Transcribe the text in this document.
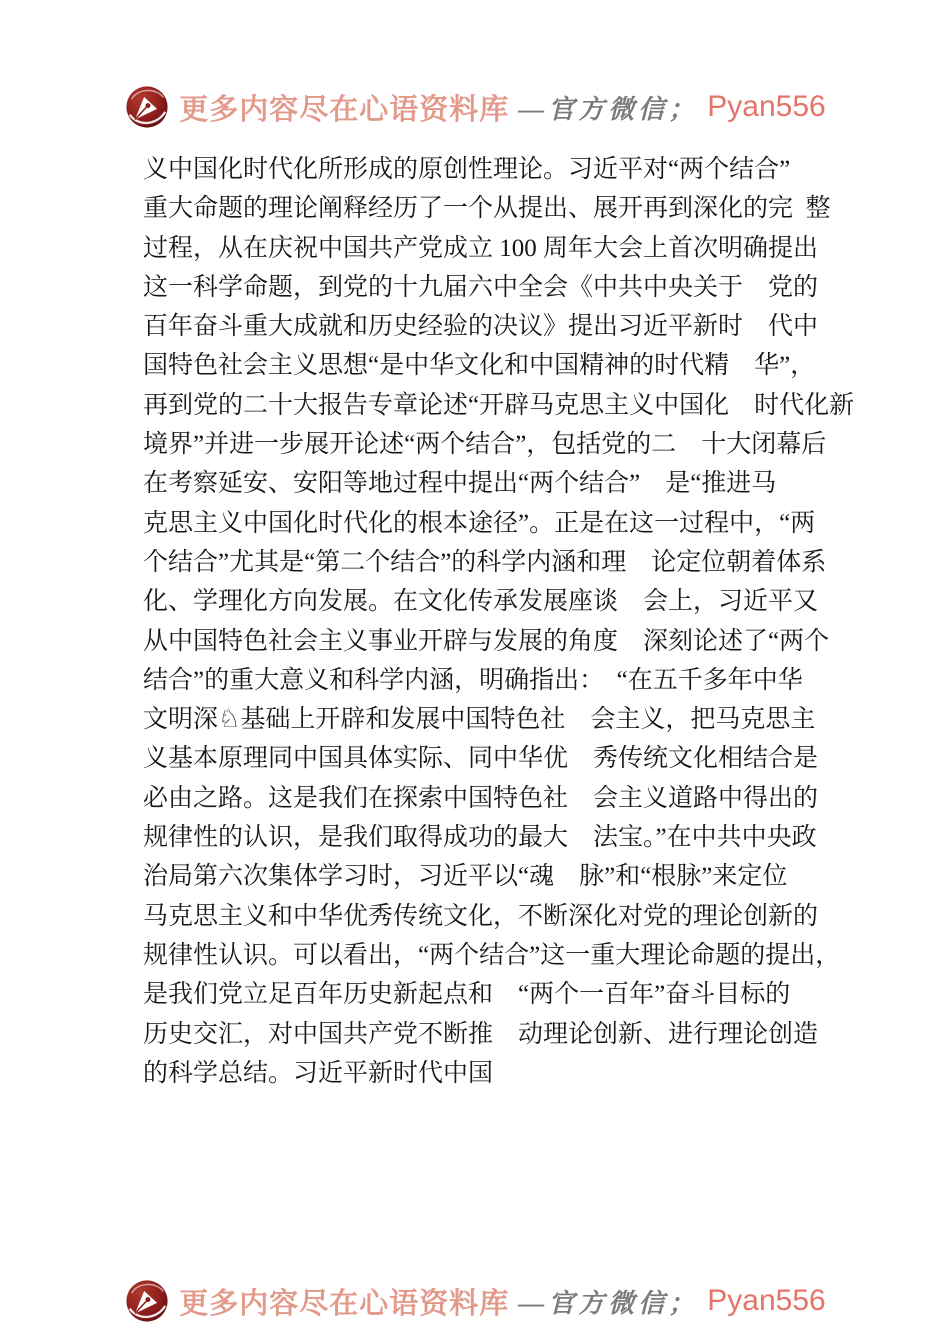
更多内容尽在心语资料库 —官方微信； Pyan556
义中国化时代化所形成的原创性理论。习近平对“两个结合”
重大命题的理论阐释经历了一个从提出、展开再到深化的完  整
过程，从在庆祝中国共产党成立 100 周年大会上首次明确提出
这一科学命题，到党的十九届六中全会《中共中央关于　党的
百年奋斗重大成就和历史经验的决议》提出习近平新时　代中
国特色社会主义思想“是中华文化和中国精神的时代精　华”，
再到党的二十大报告专章论述“开辟马克思主义中国化　时代化新
境界”并进一步展开论述“两个结合”，包括党的二　十大闭幕后
在考察延安、安阳等地过程中提出“两个结合”　是“推进马
克思主义中国化时代化的根本途径”。正是在这一过程中，“两
个结合”尤其是“第二个结合”的科学内涵和理　论定位朝着体系
化、学理化方向发展。在文化传承发展座谈　会上，习近平又
从中国特色社会主义事业开辟与发展的角度　深刻论述了“两个
结合”的重大意义和科学内涵，明确指出：　“在五千多年中华
文明深♘基础上开辟和发展中国特色社　会主义，把马克思主
义基本原理同中国具体实际、同中华优　秀传统文化相结合是
必由之路。这是我们在探索中国特色社　会主义道路中得出的
规律性的认识，是我们取得成功的最大　法宝。”在中共中央政
治局第六次集体学习时，习近平以“魂　脉”和“根脉”来定位
马克思主义和中华优秀传统文化，不断深化对党的理论创新的
规律性认识。可以看出，“两个结合”这一重大理论命题的提出，
是我们党立足百年历史新起点和　“两个一百年”奋斗目标的
历史交汇，对中国共产党不断推　动理论创新、进行理论创造
的科学总结。习近平新时代中国
更多内容尽在心语资料库 —官方微信； Pyan556
